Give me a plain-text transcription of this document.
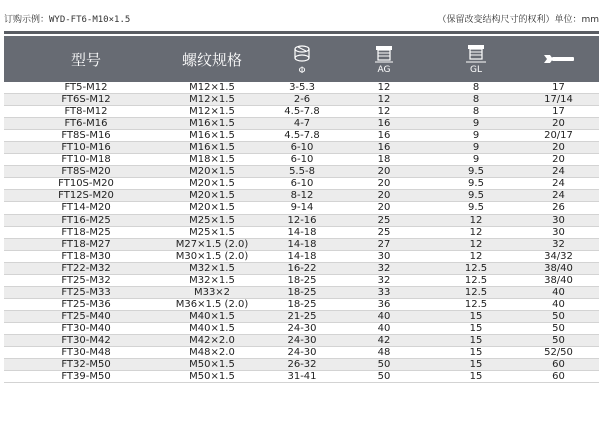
订购示例：WYD-FT6-M10×1.5	（保留改变结构尺寸的权利）单位：mm
型号	螺纹规格
Φ	AG	GL
FT5-M12	M12×1.5	3-5.3	12	8	17
FT6S-M12	M12×1.5	2-6	12	8	17/14
FT8-M12	M12×1.5	4.5-7.8	12	8	17
FT6-M16	M16×1.5	4-7	16	9	20
FT8S-M16	M16×1.5	4.5-7.8	16	9	20/17
FT10-M16	M16×1.5	6-10	16	9	20
FT10-M18	M18×1.5	6-10	18	9	20
FT8S-M20	M20×1.5	5.5-8	20	9.5	24
FT10S-M20	M20×1.5	6-10	20	9.5	24
FT12S-M20	M20×1.5	8-12	20	9.5	24
FT14-M20	M20×1.5	9-14	20	9.5	26
FT16-M25	M25×1.5	12-16	25	12	30
FT18-M25	M25×1.5	14-18	25	12	30
FT18-M27	M27×1.5 (2.0)	14-18	27	12	32
FT18-M30	M30×1.5 (2.0)	14-18	30	12	34/32
FT22-M32	M32×1.5	16-22	32	12.5	38/40
FT25-M32	M32×1.5	18-25	32	12.5	38/40
FT25-M33	M33×2	18-25	33	12.5	40
FT25-M36	M36×1.5 (2.0)	18-25	36	12.5	40
FT25-M40	M40×1.5	21-25	40	15	50
FT30-M40	M40×1.5	24-30	40	15	50
FT30-M42	M42×2.0	24-30	42	15	50
FT30-M48	M48×2.0	24-30	48	15	52/50
FT32-M50	M50×1.5	26-32	50	15	60
FT39-M50	M50×1.5	31-41	50	15	60
